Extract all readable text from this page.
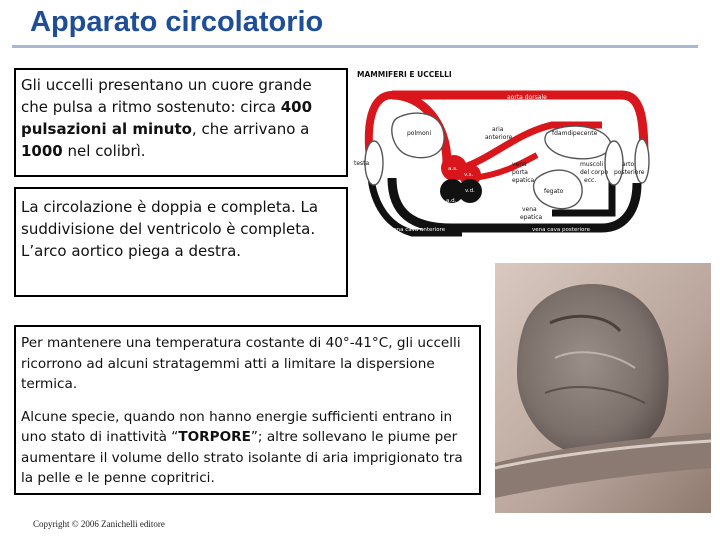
Apparato circolatorio

Gli uccelli presentano un cuore grande che pulsa a ritmo sostenuto: circa 400 pulsazioni al minuto, che arrivano a 1000 nel colibrì.

La circolazione è doppia e completa. La suddivisione del ventricolo è completa. L’arco aortico piega a destra.

Per mantenere una temperatura costante di 40°-41°C, gli uccelli ricorrono ad alcuni stratagemmi atti a limitare la dispersione termica.

Alcune specie, quando non hanno energie sufficienti entrano in uno stato di inattività “TORPORE”; altre sollevano le piume per aumentare il volume dello strato isolante di aria imprigionato tra la pelle e le penne copritrici.

MAMMIFERI E UCCELLI
aorta dorsale
polmoni
aria
anteriore
fdamdipecente
testa	vena
porta
epatica
muscoli
del corpo
ecc.
arto
posteriore
a.s.
v.s.
a.d.
v.d.	fegato
vena
epatica
vena cava anteriore	vena cava posteriore
Copyright © 2006 Zanichelli editore
